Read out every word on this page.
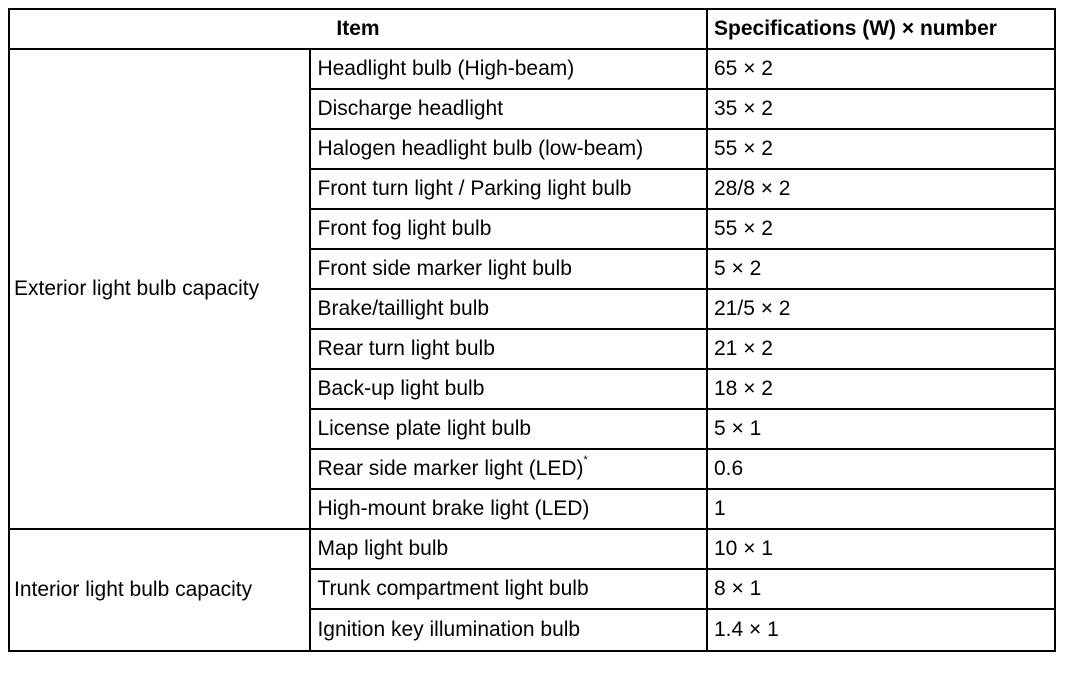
Item		Specifications (W) × number
Exterior light bulb capacity	Headlight bulb (High-beam)	65 × 2
	Discharge headlight	35 × 2
	Halogen headlight bulb (low-beam)	55 × 2
	Front turn light / Parking light bulb	28/8 × 2
	Front fog light bulb	55 × 2
	Front side marker light bulb	5 × 2
	Brake/taillight bulb	21/5 × 2
	Rear turn light bulb	21 × 2
	Back-up light bulb	18 × 2
	License plate light bulb	5 × 1
	Rear side marker light (LED)*	0.6
	High-mount brake light (LED)	1
Interior light bulb capacity	Map light bulb	10 × 1
	Trunk compartment light bulb	8 × 1
	Ignition key illumination bulb	1.4 × 1
